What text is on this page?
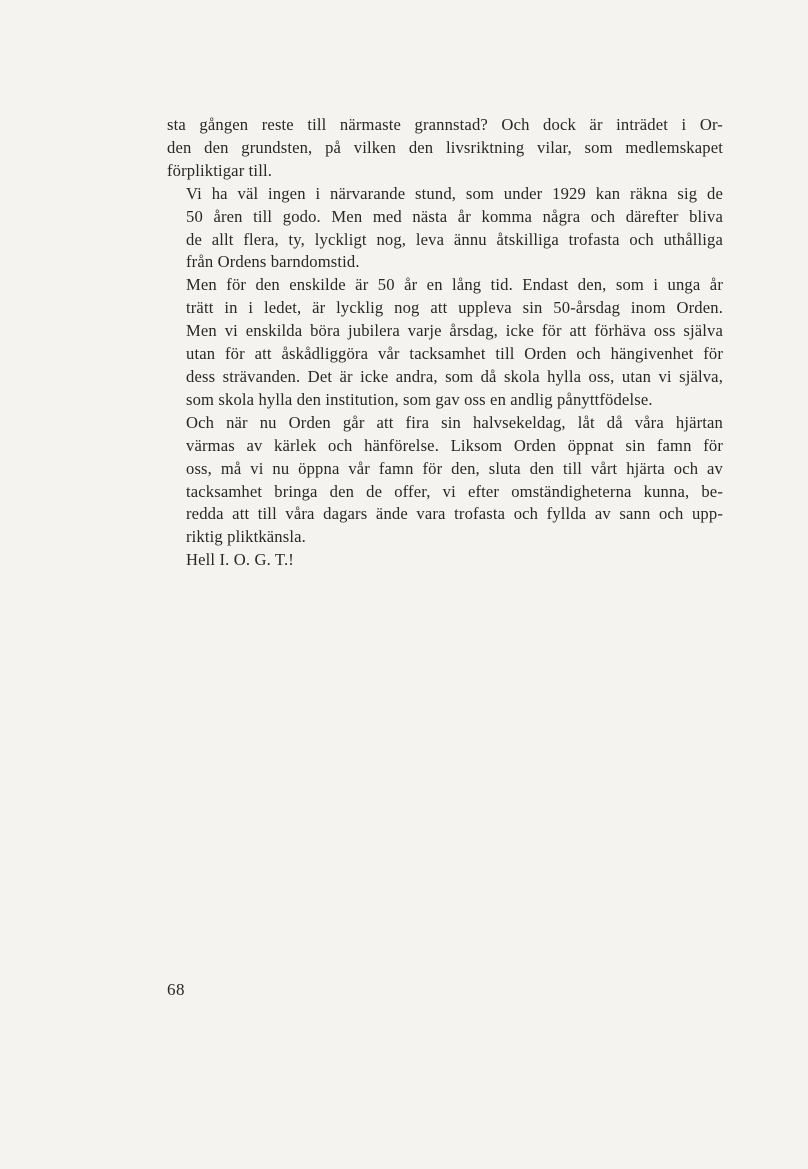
sta gången reste till närmaste grannstad? Och dock är inträdet i Or-
den den grundsten, på vilken den livsriktning vilar, som medlemskapet
förpliktigar till.

Vi ha väl ingen i närvarande stund, som under 1929 kan räkna sig de
50 åren till godo. Men med nästa år komma några och därefter bliva
de allt flera, ty, lyckligt nog, leva ännu åtskilliga trofasta och uthålliga
från Ordens barndomstid.

Men för den enskilde är 50 år en lång tid. Endast den, som i unga år
trätt in i ledet, är lycklig nog att uppleva sin 50-årsdag inom Orden.
Men vi enskilda böra jubilera varje årsdag, icke för att förhäva oss själva
utan för att åskådliggöra vår tacksamhet till Orden och hängivenhet för
dess strävanden. Det är icke andra, som då skola hylla oss, utan vi själva,
som skola hylla den institution, som gav oss en andlig pånyttfödelse.

Och när nu Orden går att fira sin halvsekeldag, låt då våra hjärtan
värmas av kärlek och hänförelse. Liksom Orden öppnat sin famn för
oss, må vi nu öppna vår famn för den, sluta den till vårt hjärta och av
tacksamhet bringa den de offer, vi efter omständigheterna kunna, be-
redda att till våra dagars ände vara trofasta och fyllda av sann och upp-
riktig pliktkänsla.

Hell I. O. G. T.!

68
